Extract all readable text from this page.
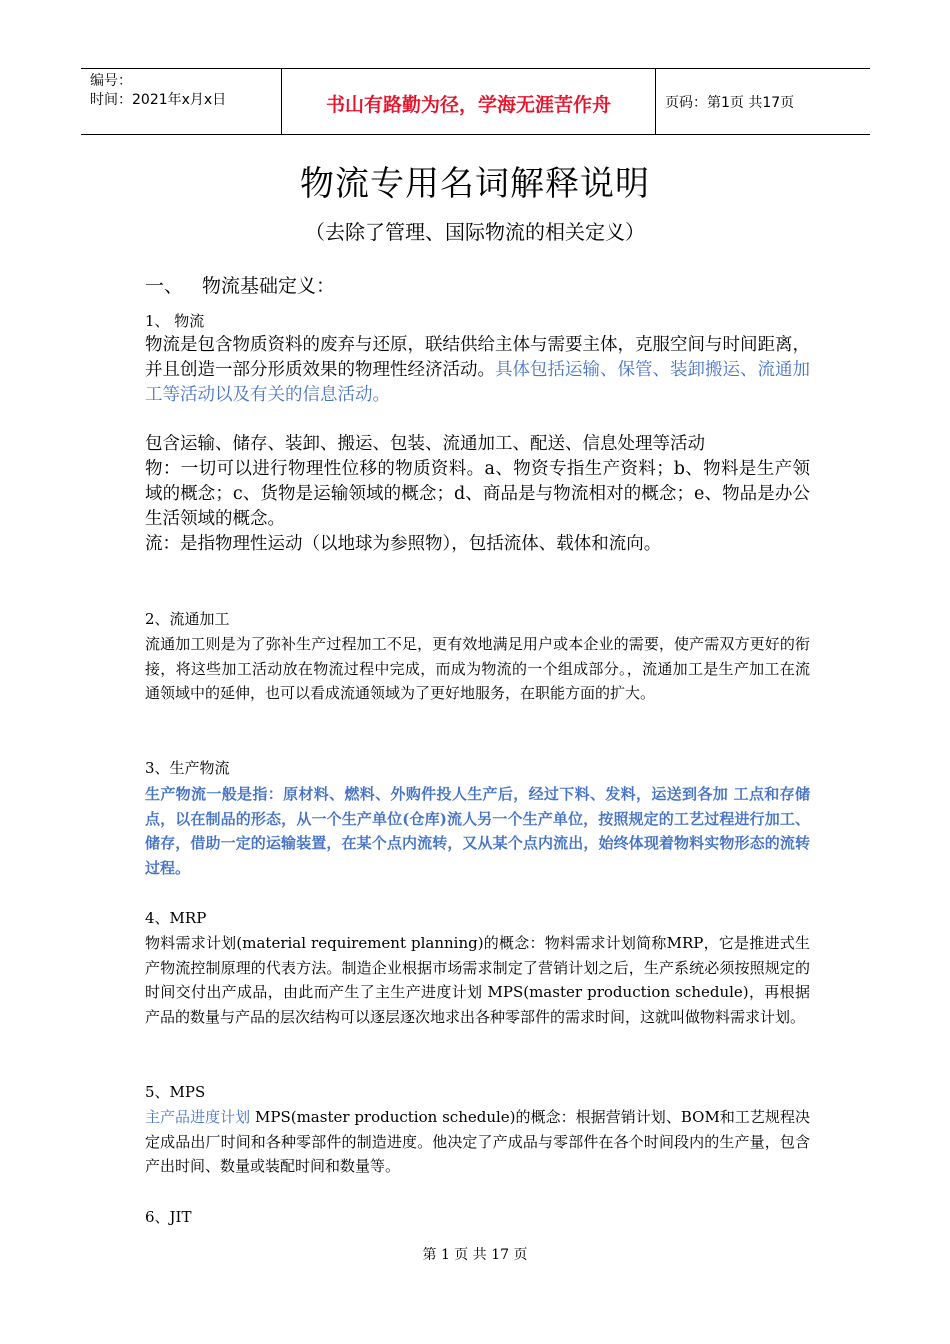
编号：
时间：2021年x月x日	书山有路勤为径，学海无涯苦作舟	页码：第1页 共17页
物流专用名词解释说明
（去除了管理、国际物流的相关定义）
一、 物流基础定义：
1、 物流
物流是包含物质资料的废弃与还原，联结供给主体与需要主体，克服空间与时间距离，并且创造一部分形质效果的物理性经济活动。具体包括运输、保管、装卸搬运、流通加工等活动以及有关的信息活动。
包含运输、储存、装卸、搬运、包装、流通加工、配送、信息处理等活动
物：一切可以进行物理性位移的物质资料。a、物资专指生产资料；b、物料是生产领域的概念；c、货物是运输领域的概念；d、商品是与物流相对的概念；e、物品是办公生活领域的概念。
流：是指物理性运动（以地球为参照物），包括流体、载体和流向。
2、流通加工
流通加工则是为了弥补生产过程加工不足，更有效地满足用户或本企业的需要，使产需双方更好的衔接，将这些加工活动放在物流过程中完成，而成为物流的一个组成部分。，流通加工是生产加工在流通领域中的延伸，也可以看成流通领域为了更好地服务，在职能方面的扩大。
3、生产物流
生产物流一般是指：原材料、燃料、外购件投人生产后，经过下料、发料，运送到各加 工点和存储点，以在制品的形态，从一个生产单位(仓库)流人另一个生产单位，按照规定的工艺过程进行加工、储存，借助一定的运输装置，在某个点内流转，又从某个点内流出，始终体现着物料实物形态的流转过程。
4、MRP
物料需求计划(material requirement planning)的概念：物料需求计划简称MRP，它是推进式生产物流控制原理的代表方法。制造企业根据市场需求制定了营销计划之后，生产系统必须按照规定的时间交付出产成品，由此而产生了主生产进度计划 MPS(master production schedule)，再根据产品的数量与产品的层次结构可以逐层逐次地求出各种零部件的需求时间，这就叫做物料需求计划。
5、MPS
主产品进度计划 MPS(master production schedule)的概念：根据营销计划、BOM和工艺规程决定成品出厂时间和各种零部件的制造进度。他决定了产成品与零部件在各个时间段内的生产量，包含产出时间、数量或装配时间和数量等。
6、JIT
第 1 页 共 17 页
